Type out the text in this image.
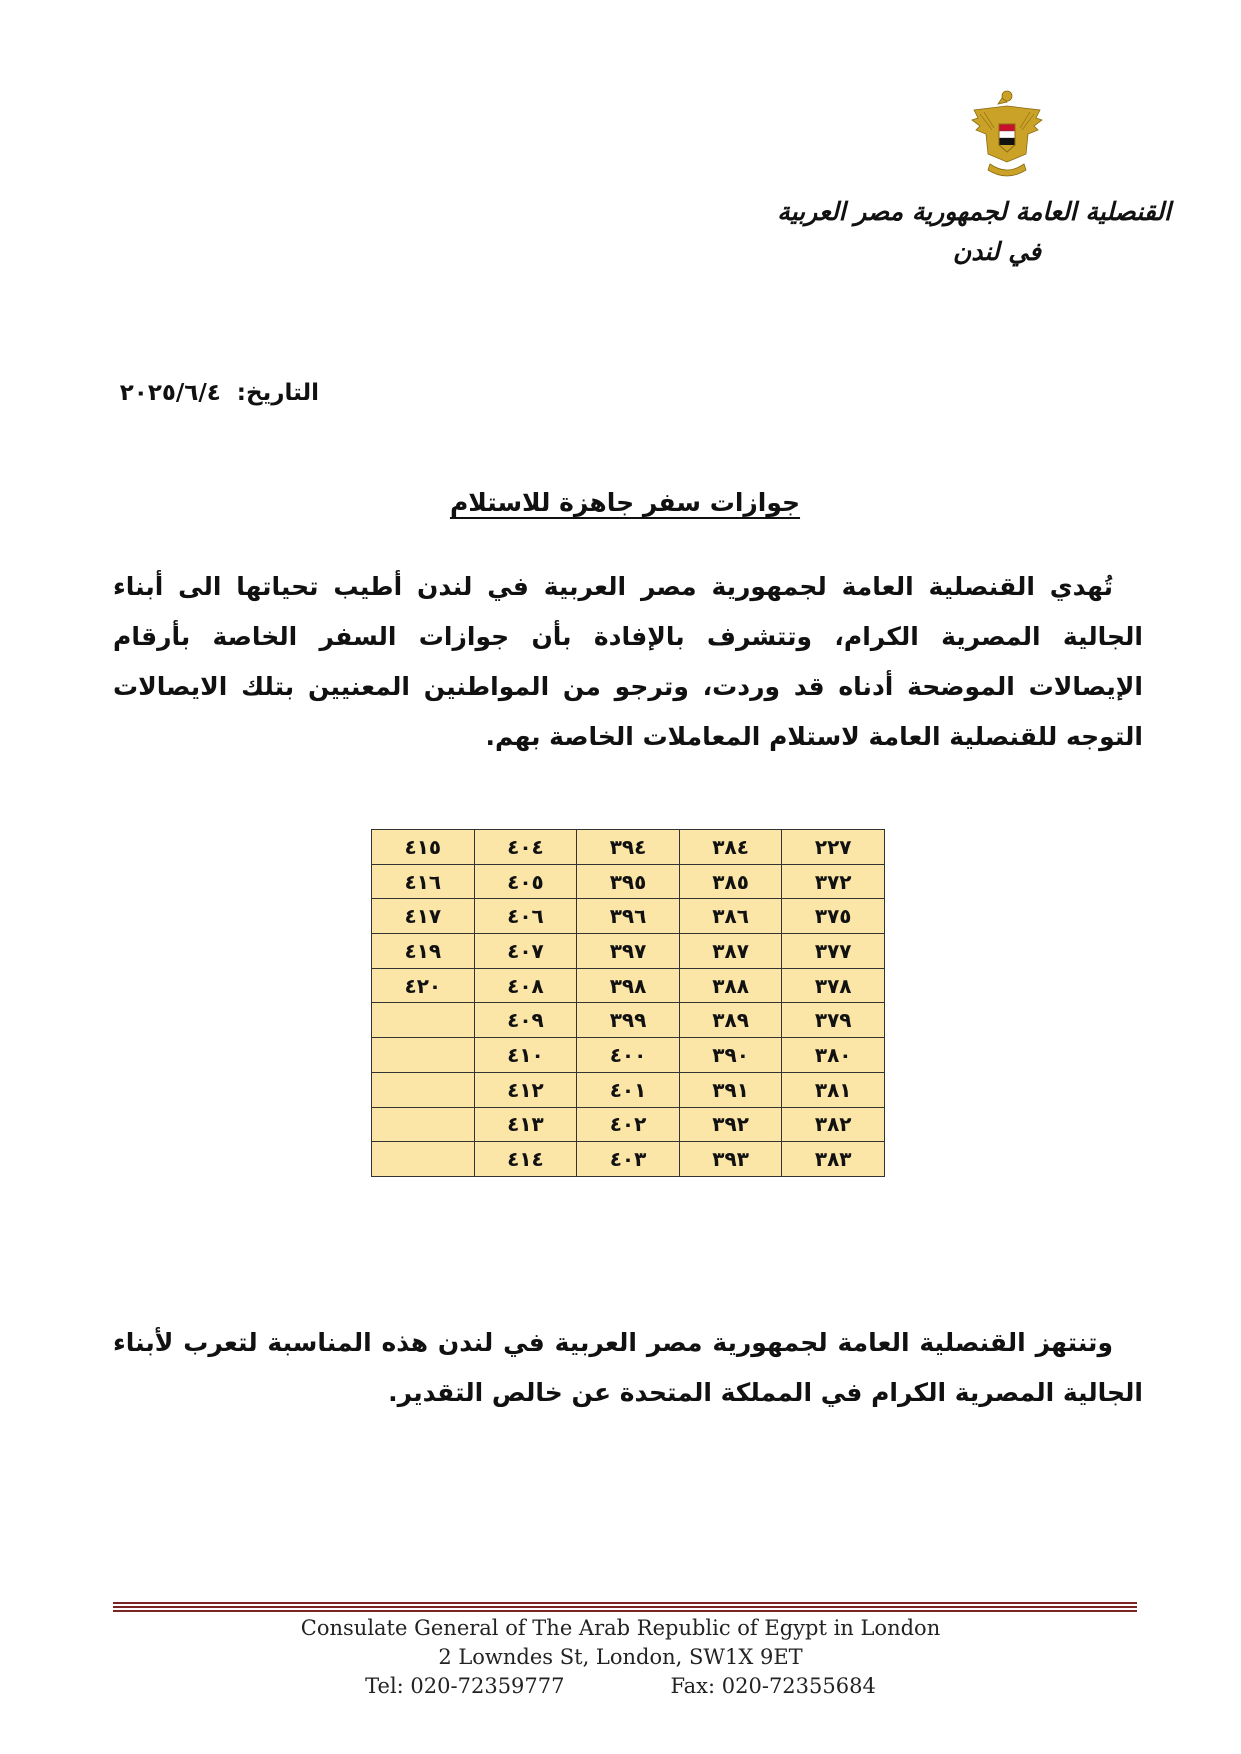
القنصلية العامة لجمهورية مصر العربية
في لندن
التاريخ: ٢٠٢٥/٦/٤
جوازات سفر جاهزة للاستلام
تُهدي القنصلية العامة لجمهورية مصر العربية في لندن أطيب تحياتها الى أبناء الجالية المصرية الكرام، وتتشرف بالإفادة بأن جوازات السفر الخاصة بأرقام الإيصالات الموضحة أدناه قد وردت، وترجو من المواطنين المعنيين بتلك الايصالات التوجه للقنصلية العامة لاستلام المعاملات الخاصة بهم.
٢٢٧	٣٨٤	٣٩٤	٤٠٤	٤١٥
٣٧٢	٣٨٥	٣٩٥	٤٠٥	٤١٦
٣٧٥	٣٨٦	٣٩٦	٤٠٦	٤١٧
٣٧٧	٣٨٧	٣٩٧	٤٠٧	٤١٩
٣٧٨	٣٨٨	٣٩٨	٤٠٨	٤٢٠
٣٧٩	٣٨٩	٣٩٩	٤٠٩	
٣٨٠	٣٩٠	٤٠٠	٤١٠	
٣٨١	٣٩١	٤٠١	٤١٢	
٣٨٢	٣٩٢	٤٠٢	٤١٣	
٣٨٣	٣٩٣	٤٠٣	٤١٤	
وتنتهز القنصلية العامة لجمهورية مصر العربية في لندن هذه المناسبة لتعرب لأبناء الجالية المصرية الكرام في المملكة المتحدة عن خالص التقدير.
Consulate General of The Arab Republic of Egypt in London
2 Lowndes St, London, SW1X 9ET
Tel: 020-72359777	Fax: 020-72355684
